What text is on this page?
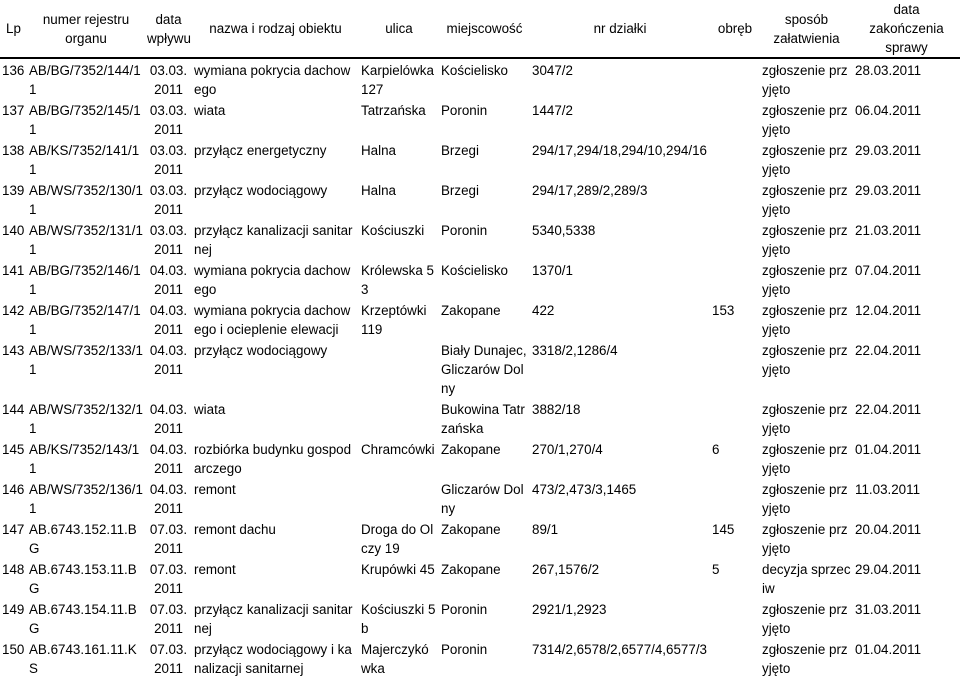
Lp	numer rejestru organu	data wpływu	nazwa i rodzaj obiektu	ulica	miejscowość	nr działki	obręb	sposób załatwienia	data zakończenia sprawy
136	AB/BG/7352/144/11	03.03.2011	wymiana pokrycia dachowego	Karpielówka 127	Kościelisko	3047/2		zgłoszenie przyjęto	28.03.2011
137	AB/BG/7352/145/11	03.03.2011	wiata	Tatrzańska	Poronin	1447/2		zgłoszenie przyjęto	06.04.2011
138	AB/KS/7352/141/11	03.03.2011	przyłącz energetyczny	Halna	Brzegi	294/17,294/18,294/10,294/16		zgłoszenie przyjęto	29.03.2011
139	AB/WS/7352/130/11	03.03.2011	przyłącz wodociągowy	Halna	Brzegi	294/17,289/2,289/3		zgłoszenie przyjęto	29.03.2011
140	AB/WS/7352/131/11	03.03.2011	przyłącz kanalizacji sanitarnej	Kościuszki	Poronin	5340,5338		zgłoszenie przyjęto	21.03.2011
141	AB/BG/7352/146/11	04.03.2011	wymiana pokrycia dachowego	Królewska 53	Kościelisko	1370/1		zgłoszenie przyjęto	07.04.2011
142	AB/BG/7352/147/11	04.03.2011	wymiana pokrycia dachowego i ocieplenie elewacji	Krzeptówki 119	Zakopane	422	153	zgłoszenie przyjęto	12.04.2011
143	AB/WS/7352/133/11	04.03.2011	przyłącz wodociągowy		Biały Dunajec, Gliczarów Dolny	3318/2,1286/4		zgłoszenie przyjęto	22.04.2011
144	AB/WS/7352/132/11	04.03.2011	wiata		Bukowina Tatrzańska	3882/18		zgłoszenie przyjęto	22.04.2011
145	AB/KS/7352/143/11	04.03.2011	rozbiórka budynku gospodarczego	Chramcówki	Zakopane	270/1,270/4	6	zgłoszenie przyjęto	01.04.2011
146	AB/WS/7352/136/11	04.03.2011	remont		Gliczarów Dolny	473/2,473/3,1465		zgłoszenie przyjęto	11.03.2011
147	AB.6743.152.11.BG	07.03.2011	remont dachu	Droga do Olczy 19	Zakopane	89/1	145	zgłoszenie przyjęto	20.04.2011
148	AB.6743.153.11.BG	07.03.2011	remont	Krupówki 45	Zakopane	267,1576/2	5	decyzja sprzeciw	29.04.2011
149	AB.6743.154.11.BG	07.03.2011	przyłącz kanalizacji sanitarnej	Kościuszki 5b	Poronin	2921/1,2923		zgłoszenie przyjęto	31.03.2011
150	AB.6743.161.11.KS	07.03.2011	przyłącz wodociągowy i kanalizacji sanitarnej	Majerczykówka	Poronin	7314/2,6578/2,6577/4,6577/3		zgłoszenie przyjęto	01.04.2011
